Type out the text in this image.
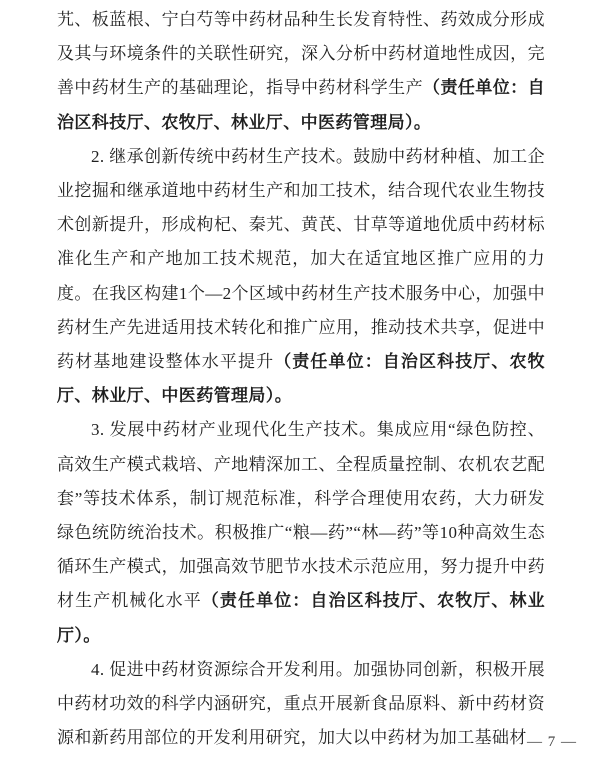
艽、板蓝根、宁白芍等中药材品种生长发育特性、药效成分形成及其与环境条件的关联性研究，深入分析中药材道地性成因，完善中药材生产的基础理论，指导中药材科学生产（责任单位：自治区科技厅、农牧厅、林业厅、中医药管理局）。

2. 继承创新传统中药材生产技术。鼓励中药材种植、加工企业挖掘和继承道地中药材生产和加工技术，结合现代农业生物技术创新提升，形成枸杞、秦艽、黄芪、甘草等道地优质中药材标准化生产和产地加工技术规范，加大在适宜地区推广应用的力度。在我区构建1个—2个区域中药材生产技术服务中心，加强中药材生产先进适用技术转化和推广应用，推动技术共享，促进中药材基地建设整体水平提升（责任单位：自治区科技厅、农牧厅、林业厅、中医药管理局）。

3. 发展中药材产业现代化生产技术。集成应用“绿色防控、高效生产模式栽培、产地精深加工、全程质量控制、农机农艺配套”等技术体系，制订规范标准，科学合理使用农药，大力研发绿色统防统治技术。积极推广“粮—药”“林—药”等10种高效生态循环生产模式，加强高效节肥节水技术示范应用，努力提升中药材生产机械化水平（责任单位：自治区科技厅、农牧厅、林业厅）。

4. 促进中药材资源综合开发利用。加强协同创新，积极开展中药材功效的科学内涵研究，重点开展新食品原料、新中药材资源和新药用部位的开发利用研究，加大以中药材为加工基础材 — 7 —
